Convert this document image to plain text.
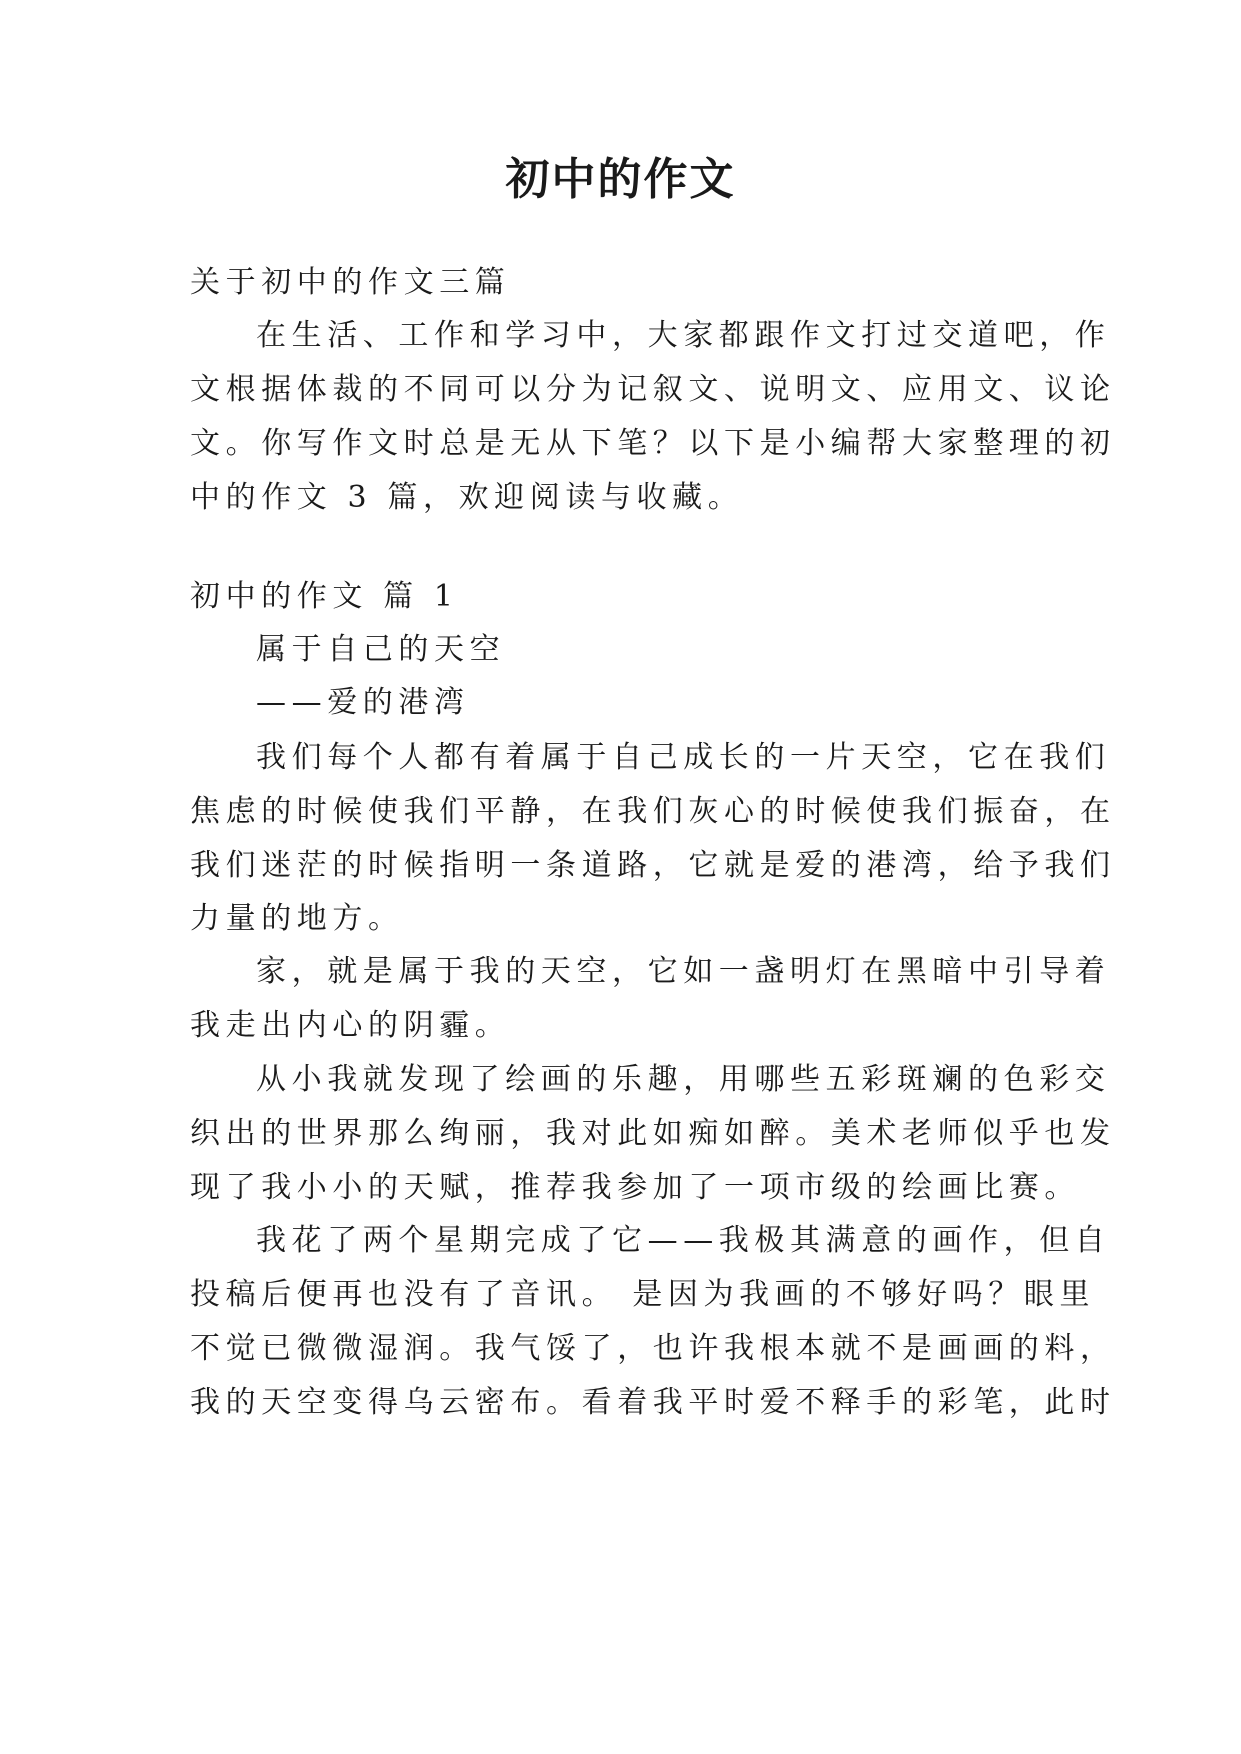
初中的作文
关于初中的作文三篇
在生活、工作和学习中，大家都跟作文打过交道吧，作
文根据体裁的不同可以分为记叙文、说明文、应用文、议论
文。你写作文时总是无从下笔？以下是小编帮大家整理的初
中的作文 3 篇，欢迎阅读与收藏。
初中的作文 篇 1
属于自己的天空
——爱的港湾
我们每个人都有着属于自己成长的一片天空，它在我们
焦虑的时候使我们平静，在我们灰心的时候使我们振奋，在
我们迷茫的时候指明一条道路，它就是爱的港湾，给予我们
力量的地方。
家，就是属于我的天空，它如一盏明灯在黑暗中引导着
我走出内心的阴霾。
从小我就发现了绘画的乐趣，用哪些五彩斑斓的色彩交
织出的世界那么绚丽，我对此如痴如醉。美术老师似乎也发
现了我小小的天赋，推荐我参加了一项市级的绘画比赛。
我花了两个星期完成了它——我极其满意的画作，但自
投稿后便再也没有了音讯。 是因为我画的不够好吗？眼里
不觉已微微湿润。我气馁了，也许我根本就不是画画的料，
我的天空变得乌云密布。看着我平时爱不释手的彩笔，此时
